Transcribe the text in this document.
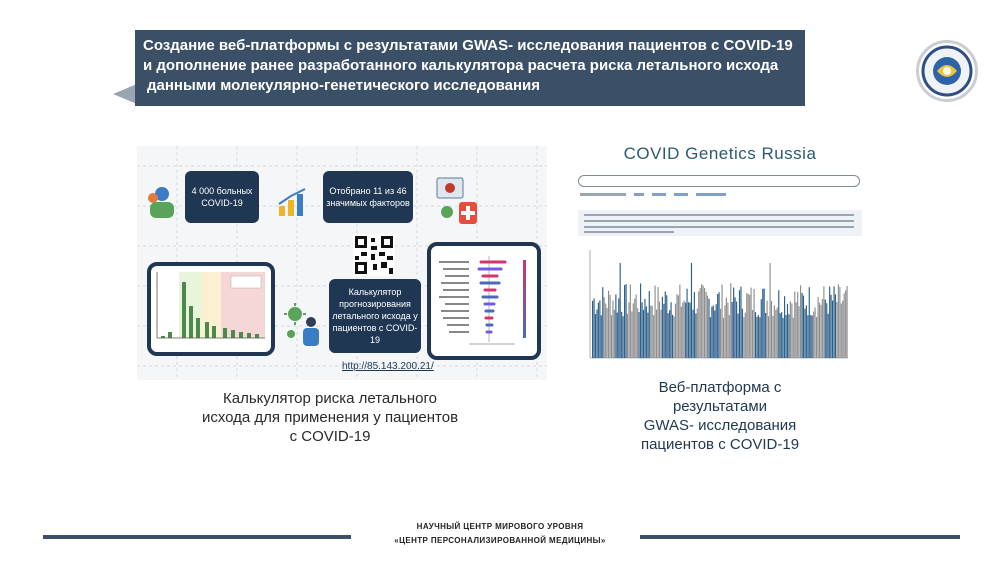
Создание веб-платформы с результатами GWAS- исследования пациентов с COVID-19
и дополнение ранее разработанного калькулятора расчета риска летального исхода
данными молекулярно-генетического исследования
4 000 больных COVID-19
Отобрано 11 из 46 значимых факторов
Калькулятор прогнозирования летального исхода у пациентов с COVID-19
http://85.143.200.21/
Калькулятор риска летального
исхода для применения у пациентов
с COVID-19
COVID Genetics Russia
Веб-платформа с
результатами
GWAS- исследования
пациентов с COVID-19
НАУЧНЫЙ ЦЕНТР МИРОВОГО УРОВНЯ
«ЦЕНТР ПЕРСОНАЛИЗИРОВАННОЙ МЕДИЦИНЫ»
